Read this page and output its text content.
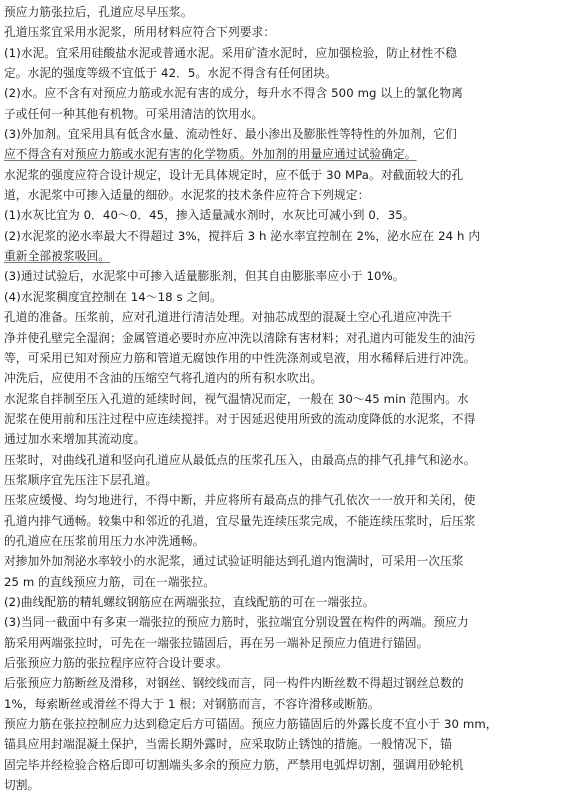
预应力筋张拉后，孔道应尽早压浆。
孔道压浆宜采用水泥浆，所用材料应符合下列要求：
(1)水泥。宜采用硅酸盐水泥或普通水泥。采用矿渣水泥时，应加强检验，防止材性不稳
定。水泥的强度等级不宜低于 42．5。水泥不得含有任何团块。
(2)水。应不含有对预应力筋或水泥有害的成分，每升水不得含 500 mg 以上的氯化物离
子或任何一种其他有机物。可采用清洁的饮用水。
(3)外加剂。宜采用具有低含水量、流动性好、最小渗出及膨胀性等特性的外加剂，它们
应不得含有对预应力筋或水泥有害的化学物质。外加剂的用量应通过试验确定。
水泥浆的强度应符合设计规定，设计无具体规定时，应不低于 30 MPa。对截面较大的孔
道，水泥浆中可掺入适量的细砂。水泥浆的技术条件应符合下列规定：
(1)水灰比宜为 0．40～0．45，掺入适量减水剂时，水灰比可减小到 0．35。
(2)水泥浆的泌水率最大不得超过 3%，搅拌后 3 h 泌水率宜控制在 2%，泌水应在 24 h 内
重新全部被浆吸回。
(3)通过试验后，水泥浆中可掺入适量膨胀剂，但其自由膨胀率应小于 10%。
(4)水泥浆稠度宜控制在 14～18 s 之间。
孔道的准备。压浆前，应对孔道进行清洁处理。对抽芯成型的混凝土空心孔道应冲洗干
净并使孔壁完全湿润；金属管道必要时亦应冲洗以清除有害材料；对孔道内可能发生的油污
等，可采用已知对预应力筋和管道无腐蚀作用的中性洗涤剂或皂液，用水稀释后进行冲洗。
冲洗后，应使用不含油的压缩空气将孔道内的所有积水吹出。
水泥浆自拌制至压入孔道的延续时间，视气温情况而定，一般在 30～45 min 范围内。水
泥浆在使用前和压注过程中应连续搅拌。对于因延迟使用所致的流动度降低的水泥浆，不得
通过加水来增加其流动度。
压浆时，对曲线孔道和竖向孔道应从最低点的压浆孔压入，由最高点的排气孔排气和泌水。
压浆顺序宜先压注下层孔道。
压浆应缓慢、均匀地进行，不得中断，并应将所有最高点的排气孔依次一一放开和关闭，使
孔道内排气通畅。较集中和邻近的孔道，宜尽量先连续压浆完成，不能连续压浆时，后压浆
的孔道应在压浆前用压力水冲洗通畅。
对掺加外加剂泌水率较小的水泥浆，通过试验证明能达到孔道内饱满时，可采用一次压浆
25 m 的直线预应力筋，司在一端张拉。
(2)曲线配筋的精轧螺纹钢筋应在两端张拉，直线配筋的可在一端张拉。
(3)当同一截面中有多束一端张拉的预应力筋时，张拉端宜分别设置在构件的两端。预应力
筋采用两端张拉时，可先在一端张拉锚固后，再在另一端补足预应力值进行锚固。
后张预应力筋的张拉程序应符合设计要求。
后张预应力筋断丝及滑移，对钢丝、钢绞线而言，同一构件内断丝数不得超过钢丝总数的
1%，每索断丝或滑丝不得大于 1 根；对钢筋而言，不容许滑移或断筋。
预应力筋在张拉控制应力达到稳定后方可锚固。预应力筋锚固后的外露长度不宜小于 30 mm，
锚具应用封端混凝土保护，当需长期外露时，应采取防止锈蚀的措施。一般情况下，锚
固完毕并经检验合格后即可切割端头多余的预应力筋，严禁用电弧焊切割，强调用砂轮机
切割。
